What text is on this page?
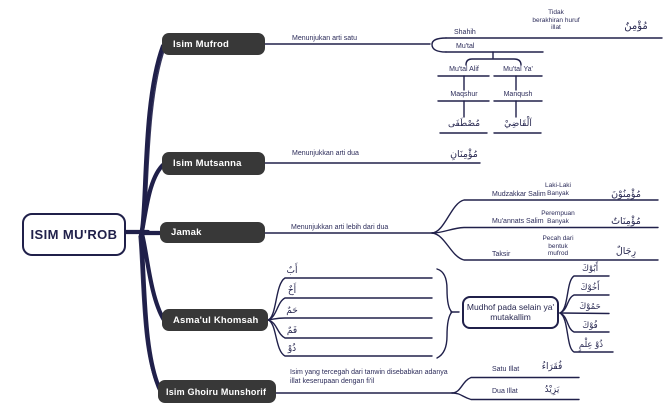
ISIM MU'ROB
Isim Mufrod
Isim Mutsanna
Jamak
Asma'ul Khomsah
Isim Ghoiru Munshorif
Menunjukan arti satu
Shahih
Tidak berakhiran huruf illat	مُؤْمِنٌ
Mu'tal
Mu'tal Alif	Mu'tal Ya'
Maqshur	Manqush
مُصْطَفَى	اَلْقَاضِيْ
Menunjukkan arti dua	مُؤْمِنَانِ
Menunjukkan arti lebih dari dua
Mudzakkar Salim
Laki-Laki Banyak	مُؤْمِنُوْنَ
Mu'annats Salim
Perempuan Banyak	مُؤْمِنَاتٌ
Taksir
Pecah dari bentuk mufrod	رِجَالٌ
أَبٌ
أَخٌ
حَمٌ
فَمٌ
ذُوْ
Mudhof pada selain ya' mutakallim
أَبُوْكَ
أَخُوْكَ
حَمُوْكَ
فُوْكَ
ذُوْ عِلْمٍ
Isim yang tercegah dari tanwin disebabkan adanya illat keserupaan dengan fi'il
Satu Illat	فُقَرَاءُ
Dua Illat	يَزِيْدُ
